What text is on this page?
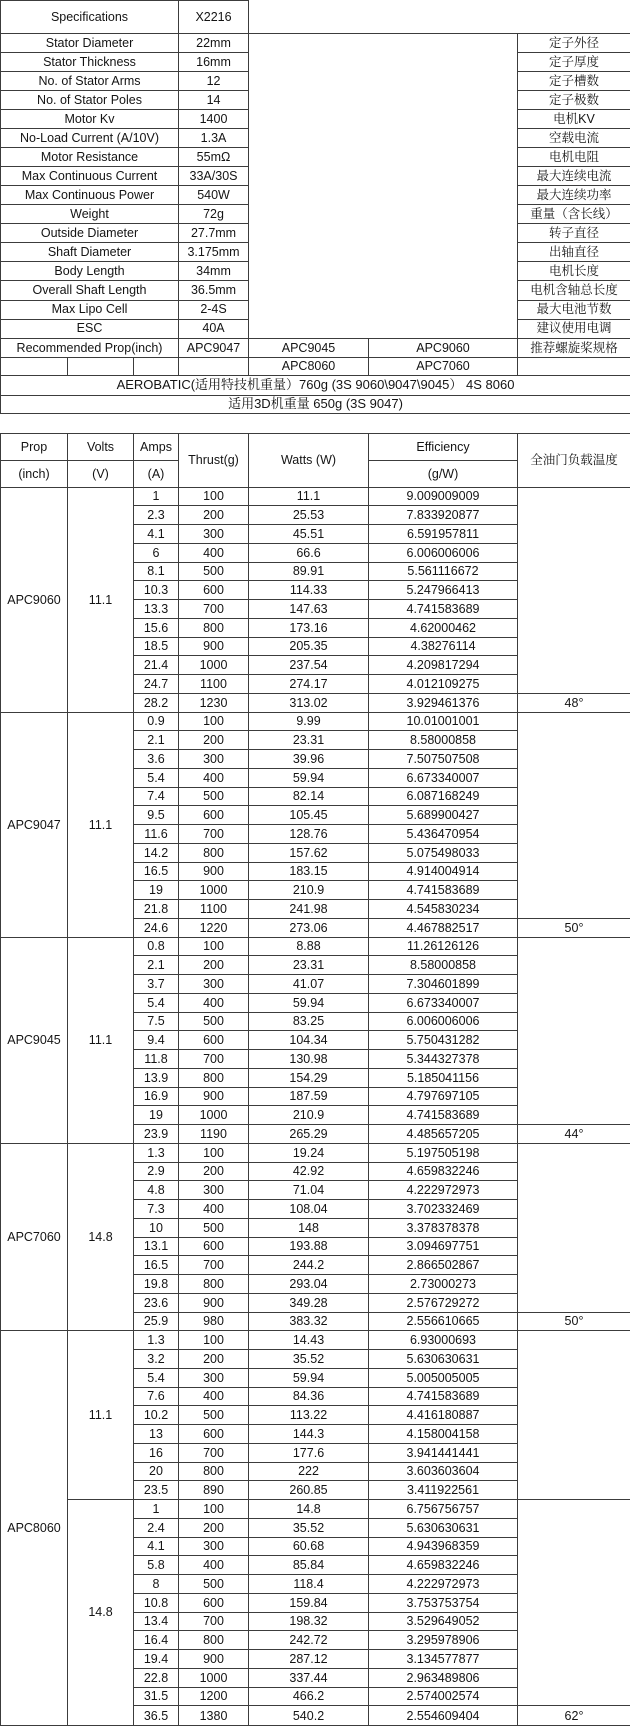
Specifications			X2216			
Stator Diameter			22mm			定子外径
Stator Thickness			16mm			定子厚度
No. of Stator Arms			12			定子槽数
No. of Stator Poles			14			定子极数
Motor Kv			1400			电机KV
No-Load Current (A/10V)			1.3A			空载电流
Motor Resistance			55mΩ			电机电阻
Max Continuous Current			33A/30S			最大连续电流
Max Continuous Power			540W			最大连续功率
Weight			72g			重量（含长线）
Outside Diameter			27.7mm			转子直径
Shaft Diameter			3.175mm			出轴直径
Body Length			34mm			电机长度
Overall Shaft Length			36.5mm			电机含轴总长度
Max Lipo Cell			2-4S			最大电池节数
ESC			40A			建议使用电调
Recommended Prop(inch)			APC9047	APC9045	APC9060	推荐螺旋桨规格
				APC8060	APC7060	
AEROBATIC(适用特技机重量）760g (3S 9060\9047\9045） 4S 8060						
适用3D机重量 650g (3S 9047)						
Prop	Volts	Amps	Thrust(g)	Watts (W)	Efficiency	全油门负载温度
(inch)	(V)	(A)			(g/W)	
APC9060	11.1	1	100	11.1	9.009009009	
		2.3	200	25.53	7.833920877	
		4.1	300	45.51	6.591957811	
		6	400	66.6	6.006006006	
		8.1	500	89.91	5.561116672	
		10.3	600	114.33	5.247966413	
		13.3	700	147.63	4.741583689	
		15.6	800	173.16	4.62000462	
		18.5	900	205.35	4.38276114	
		21.4	1000	237.54	4.209817294	
		24.7	1100	274.17	4.012109275	
		28.2	1230	313.02	3.929461376	48°
APC9047	11.1	0.9	100	9.99	10.01001001	
		2.1	200	23.31	8.58000858	
		3.6	300	39.96	7.507507508	
		5.4	400	59.94	6.673340007	
		7.4	500	82.14	6.087168249	
		9.5	600	105.45	5.689900427	
		11.6	700	128.76	5.436470954	
		14.2	800	157.62	5.075498033	
		16.5	900	183.15	4.914004914	
		19	1000	210.9	4.741583689	
		21.8	1100	241.98	4.545830234	
		24.6	1220	273.06	4.467882517	50°
APC9045	11.1	0.8	100	8.88	11.26126126	
		2.1	200	23.31	8.58000858	
		3.7	300	41.07	7.304601899	
		5.4	400	59.94	6.673340007	
		7.5	500	83.25	6.006006006	
		9.4	600	104.34	5.750431282	
		11.8	700	130.98	5.344327378	
		13.9	800	154.29	5.185041156	
		16.9	900	187.59	4.797697105	
		19	1000	210.9	4.741583689	
		23.9	1190	265.29	4.485657205	44°
APC7060	14.8	1.3	100	19.24	5.197505198	
		2.9	200	42.92	4.659832246	
		4.8	300	71.04	4.222972973	
		7.3	400	108.04	3.702332469	
		10	500	148	3.378378378	
		13.1	600	193.88	3.094697751	
		16.5	700	244.2	2.866502867	
		19.8	800	293.04	2.73000273	
		23.6	900	349.28	2.576729272	
		25.9	980	383.32	2.556610665	50°
APC8060	11.1	1.3	100	14.43	6.93000693	
		3.2	200	35.52	5.630630631	
		5.4	300	59.94	5.005005005	
		7.6	400	84.36	4.741583689	
		10.2	500	113.22	4.416180887	
		13	600	144.3	4.158004158	
		16	700	177.6	3.941441441	
		20	800	222	3.603603604	
		23.5	890	260.85	3.411922561	
	14.8	1	100	14.8	6.756756757	
		2.4	200	35.52	5.630630631	
		4.1	300	60.68	4.943968359	
		5.8	400	85.84	4.659832246	
		8	500	118.4	4.222972973	
		10.8	600	159.84	3.753753754	
		13.4	700	198.32	3.529649052	
		16.4	800	242.72	3.295978906	
		19.4	900	287.12	3.134577877	
		22.8	1000	337.44	2.963489806	
		31.5	1200	466.2	2.574002574	
		36.5	1380	540.2	2.554609404	62°
